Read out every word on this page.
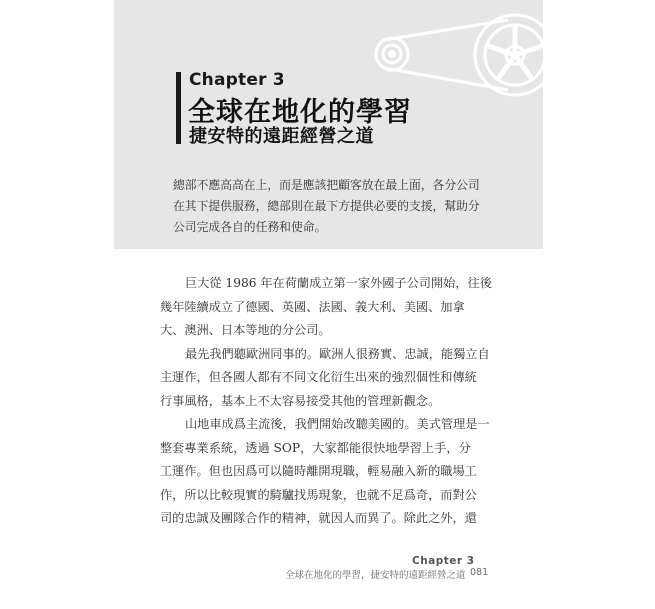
Chapter 3
全球在地化的學習
捷安特的遠距經營之道
總部不應高高在上，而是應該把顧客放在最上面，各分公司
在其下提供服務，總部則在最下方提供必要的支援，幫助分
公司完成各自的任務和使命。
巨大從 1986 年在荷蘭成立第一家外國子公司開始，往後
幾年陸續成立了德國、英國、法國、義大利、美國、加拿
大、澳洲、日本等地的分公司。
最先我們聽歐洲同事的。歐洲人很務實、忠誠，能獨立自
主運作，但各國人都有不同文化衍生出來的強烈個性和傳統
行事風格，基本上不太容易接受其他的管理新觀念。
山地車成爲主流後，我們開始改聽美國的。美式管理是一
整套專業系統，透過 SOP，大家都能很快地學習上手，分
工運作。但也因爲可以隨時離開現職，輕易融入新的職場工
作，所以比較現實的騎驢找馬現象，也就不足爲奇，而對公
司的忠誠及團隊合作的精神，就因人而異了。除此之外，還
Chapter 3
全球在地化的學習，捷安特的遠距經營之道 081
